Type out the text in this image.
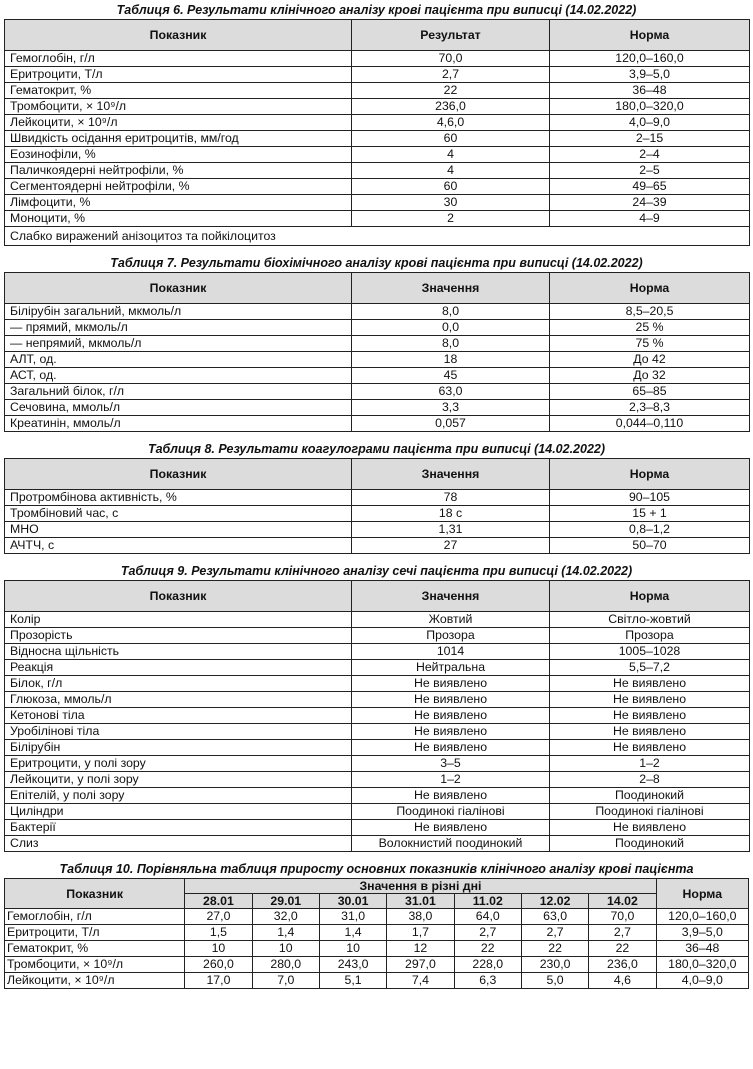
Таблиця 6. Результати клінічного аналізу крові пацієнта при виписці (14.02.2022)

Показник	Результат	Норма
Гемоглобін, г/л	70,0	120,0–160,0
Еритроцити, Т/л	2,7	3,9–5,0
Гематокрит, %	22	36–48
Тромбоцити, × 10⁹/л	236,0	180,0–320,0
Лейкоцити, × 10⁹/л	4,6,0	4,0–9,0
Швидкість осідання еритроцитів, мм/год	60	2–15
Еозинофіли, %	4	2–4
Паличкоядерні нейтрофіли, %	4	2–5
Сегментоядерні нейтрофіли, %	60	49–65
Лімфоцити, %	30	24–39
Моноцити, %	2	4–9
Слабко виражений анізоцитоз та пойкілоцитоз		

Таблиця 7. Результати біохімічного аналізу крові пацієнта при виписці (14.02.2022)

Показник	Значення	Норма
Білірубін загальний, мкмоль/л	8,0	8,5–20,5
— прямий, мкмоль/л	0,0	25 %
— непрямий, мкмоль/л	8,0	75 %
АЛТ, од.	18	До 42
АСТ, од.	45	До 32
Загальний білок, г/л	63,0	65–85
Сечовина, ммоль/л	3,3	2,3–8,3
Креатинін, ммоль/л	0,057	0,044–0,110

Таблиця 8. Результати коагулограми пацієнта при виписці (14.02.2022)

Показник	Значення	Норма
Протромбінова активність, %	78	90–105
Тромбіновий час, с	18 с	15 + 1
МНО	1,31	0,8–1,2
АЧТЧ, с	27	50–70

Таблиця 9. Результати клінічного аналізу сечі пацієнта при виписці (14.02.2022)

Показник	Значення	Норма
Колір	Жовтий	Світло-жовтий
Прозорість	Прозора	Прозора
Відносна щільність	1014	1005–1028
Реакція	Нейтральна	5,5–7,2
Білок, г/л	Не виявлено	Не виявлено
Глюкоза, ммоль/л	Не виявлено	Не виявлено
Кетонові тіла	Не виявлено	Не виявлено
Уробілінові тіла	Не виявлено	Не виявлено
Білірубін	Не виявлено	Не виявлено
Еритроцити, у полі зору	3–5	1–2
Лейкоцити, у полі зору	1–2	2–8
Епітелій, у полі зору	Не виявлено	Поодинокий
Циліндри	Поодинокі гіалінові	Поодинокі гіалінові
Бактерії	Не виявлено	Не виявлено
Слиз	Волокнистий поодинокий	Поодинокий

Таблиця 10. Порівняльна таблиця приросту основних показників клінічного аналізу крові пацієнта

Показник	Значення в різні дні							Норма
	28.01	29.01	30.01	31.01	11.02	12.02	14.02	
Гемоглобін, г/л	27,0	32,0	31,0	38,0	64,0	63,0	70,0	120,0–160,0
Еритроцити, Т/л	1,5	1,4	1,4	1,7	2,7	2,7	2,7	3,9–5,0
Гематокрит, %	10	10	10	12	22	22	22	36–48
Тромбоцити, × 10⁹/л	260,0	280,0	243,0	297,0	228,0	230,0	236,0	180,0–320,0
Лейкоцити, × 10⁹/л	17,0	7,0	5,1	7,4	6,3	5,0	4,6	4,0–9,0
